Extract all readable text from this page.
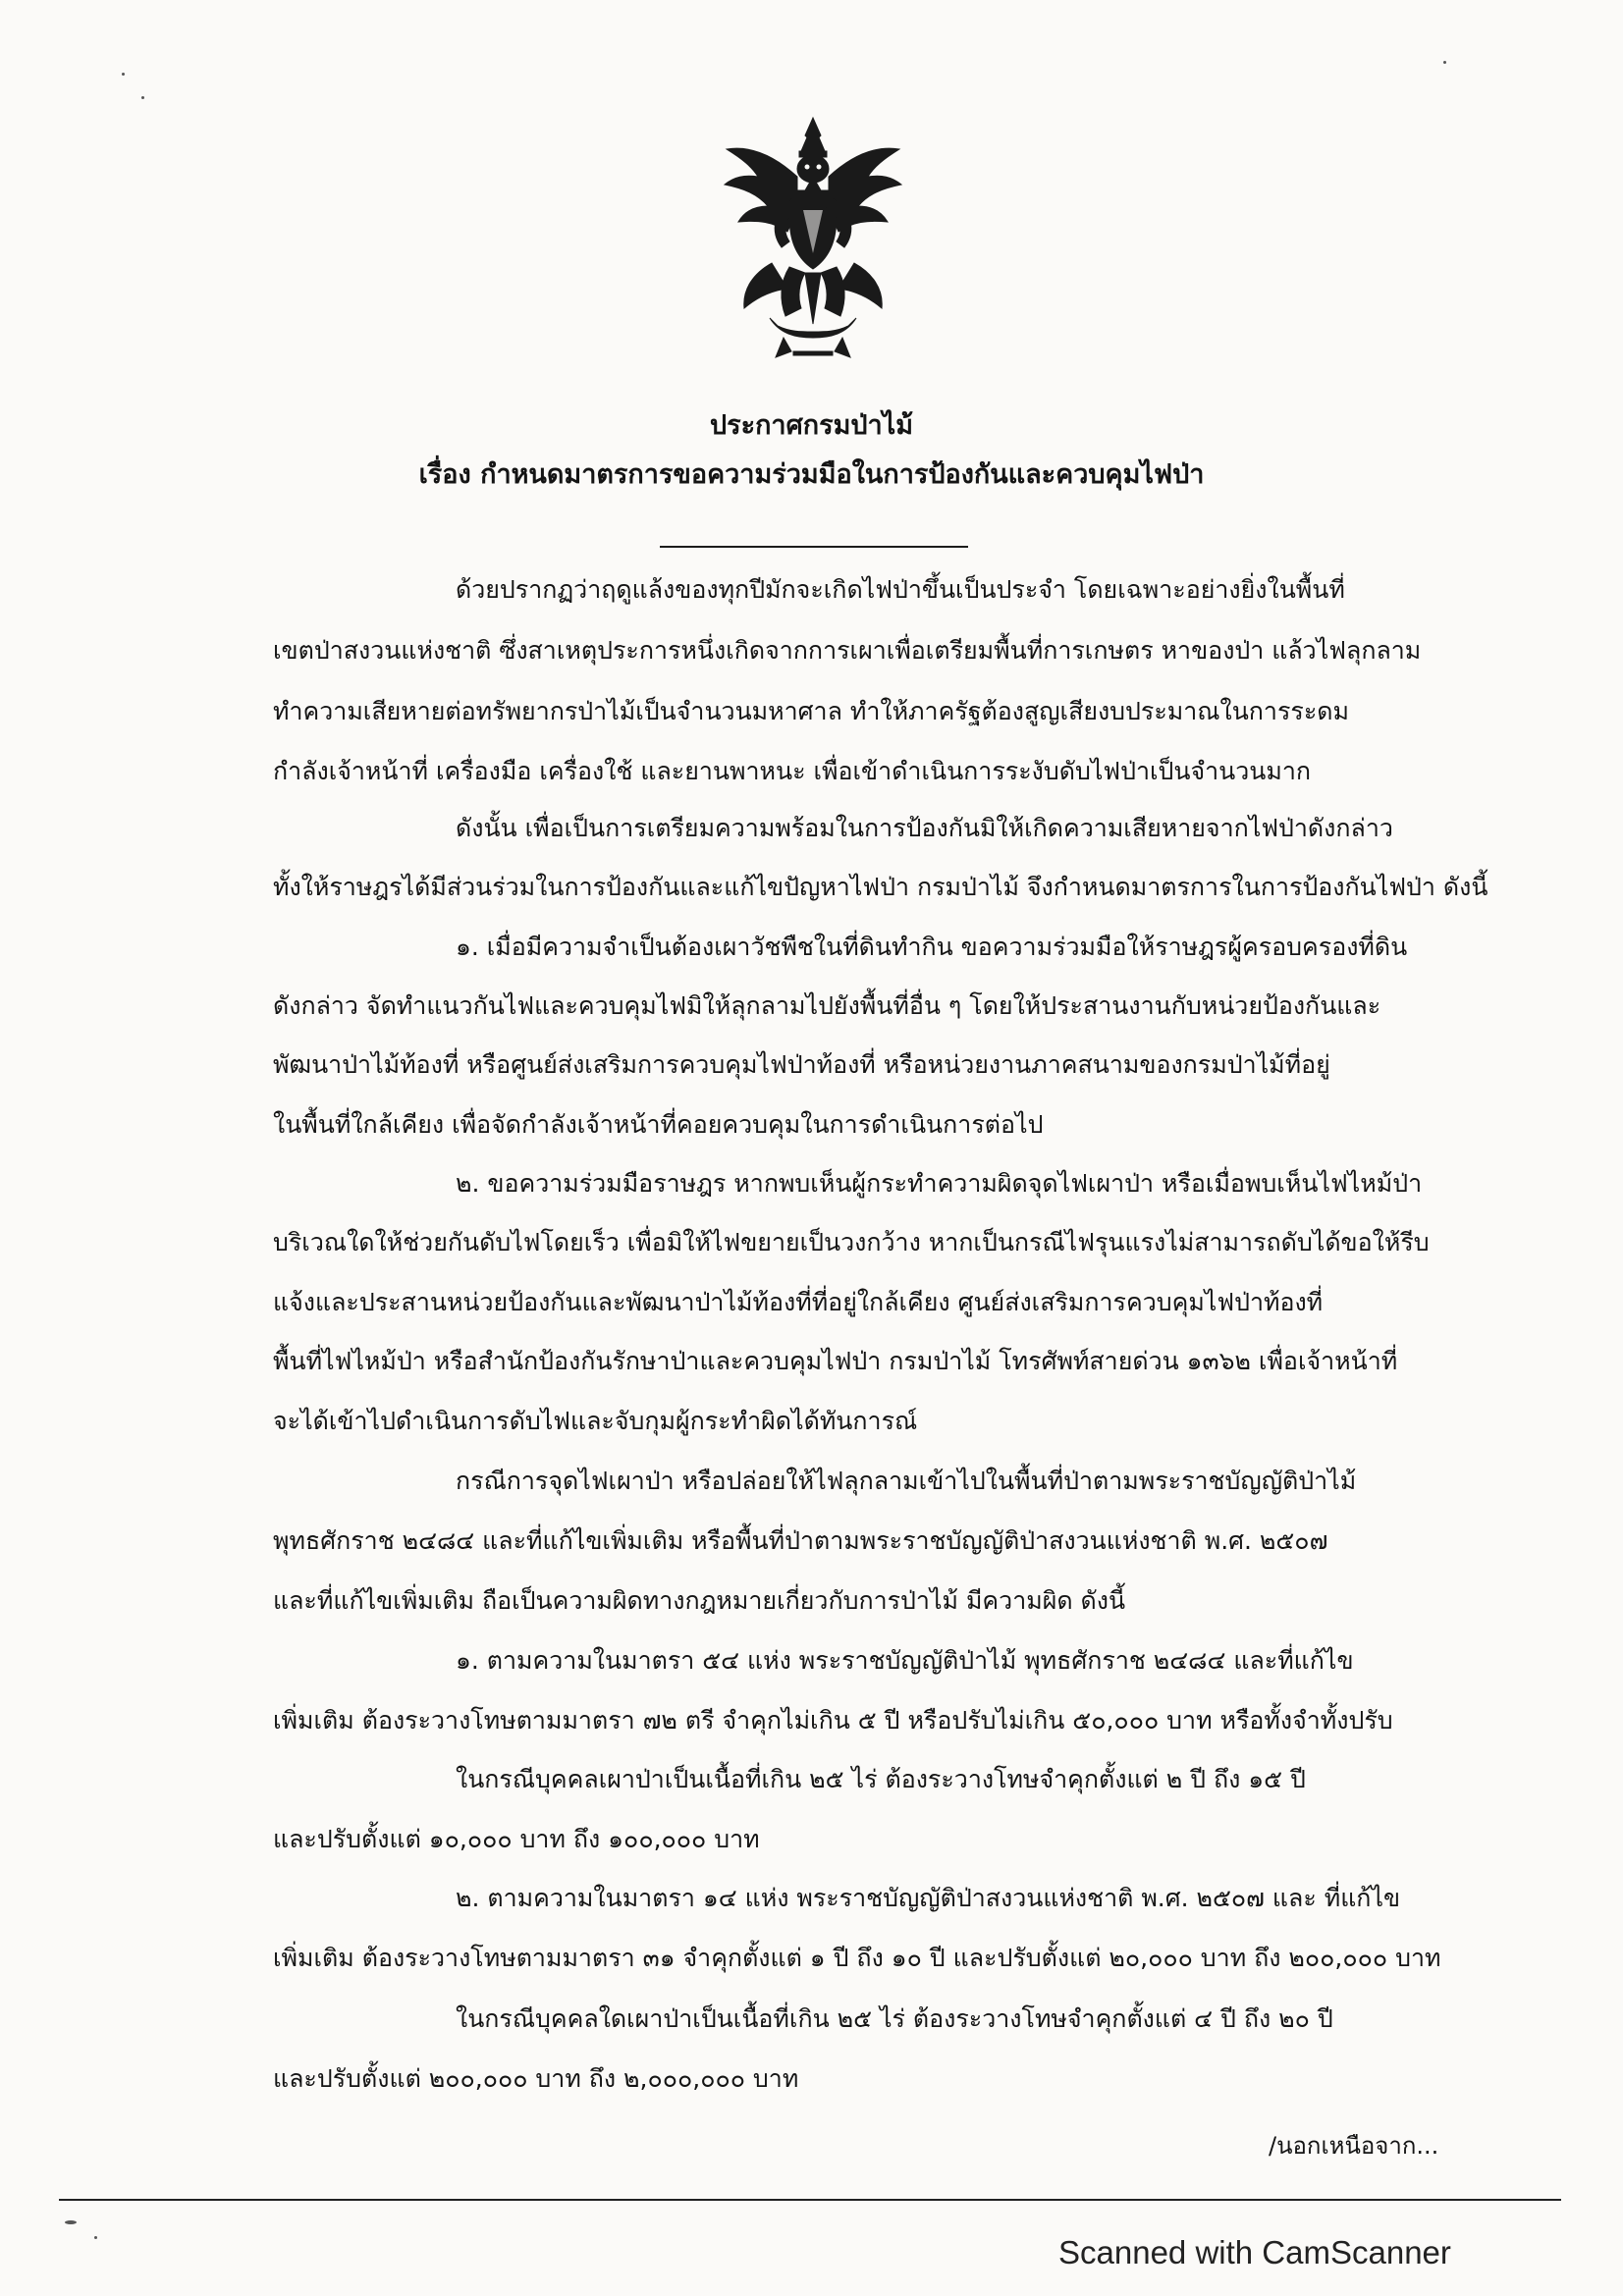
ประกาศกรมป่าไม้
เรื่อง กำหนดมาตรการขอความร่วมมือในการป้องกันและควบคุมไฟป่า
ด้วยปรากฏว่าฤดูแล้งของทุกปีมักจะเกิดไฟป่าขึ้นเป็นประจำ โดยเฉพาะอย่างยิ่งในพื้นที่
เขตป่าสงวนแห่งชาติ ซึ่งสาเหตุประการหนึ่งเกิดจากการเผาเพื่อเตรียมพื้นที่การเกษตร หาของป่า แล้วไฟลุกลาม
ทำความเสียหายต่อทรัพยากรป่าไม้เป็นจำนวนมหาศาล ทำให้ภาครัฐต้องสูญเสียงบประมาณในการระดม
กำลังเจ้าหน้าที่ เครื่องมือ เครื่องใช้ และยานพาหนะ เพื่อเข้าดำเนินการระงับดับไฟป่าเป็นจำนวนมาก
ดังนั้น เพื่อเป็นการเตรียมความพร้อมในการป้องกันมิให้เกิดความเสียหายจากไฟป่าดังกล่าว
ทั้งให้ราษฎรได้มีส่วนร่วมในการป้องกันและแก้ไขปัญหาไฟป่า กรมป่าไม้ จึงกำหนดมาตรการในการป้องกันไฟป่า ดังนี้
๑. เมื่อมีความจำเป็นต้องเผาวัชพืชในที่ดินทำกิน ขอความร่วมมือให้ราษฎรผู้ครอบครองที่ดิน
ดังกล่าว จัดทำแนวกันไฟและควบคุมไฟมิให้ลุกลามไปยังพื้นที่อื่น ๆ โดยให้ประสานงานกับหน่วยป้องกันและ
พัฒนาป่าไม้ท้องที่ หรือศูนย์ส่งเสริมการควบคุมไฟป่าท้องที่ หรือหน่วยงานภาคสนามของกรมป่าไม้ที่อยู่
ในพื้นที่ใกล้เคียง เพื่อจัดกำลังเจ้าหน้าที่คอยควบคุมในการดำเนินการต่อไป
๒. ขอความร่วมมือราษฎร หากพบเห็นผู้กระทำความผิดจุดไฟเผาป่า หรือเมื่อพบเห็นไฟไหม้ป่า
บริเวณใดให้ช่วยกันดับไฟโดยเร็ว เพื่อมิให้ไฟขยายเป็นวงกว้าง หากเป็นกรณีไฟรุนแรงไม่สามารถดับได้ขอให้รีบ
แจ้งและประสานหน่วยป้องกันและพัฒนาป่าไม้ท้องที่ที่อยู่ใกล้เคียง ศูนย์ส่งเสริมการควบคุมไฟป่าท้องที่
พื้นที่ไฟไหม้ป่า หรือสำนักป้องกันรักษาป่าและควบคุมไฟป่า กรมป่าไม้ โทรศัพท์สายด่วน ๑๓๖๒ เพื่อเจ้าหน้าที่
จะได้เข้าไปดำเนินการดับไฟและจับกุมผู้กระทำผิดได้ทันการณ์
กรณีการจุดไฟเผาป่า หรือปล่อยให้ไฟลุกลามเข้าไปในพื้นที่ป่าตามพระราชบัญญัติป่าไม้
พุทธศักราช ๒๔๘๔ และที่แก้ไขเพิ่มเติม หรือพื้นที่ป่าตามพระราชบัญญัติป่าสงวนแห่งชาติ พ.ศ. ๒๕๐๗
และที่แก้ไขเพิ่มเติม ถือเป็นความผิดทางกฎหมายเกี่ยวกับการป่าไม้ มีความผิด ดังนี้
๑. ตามความในมาตรา ๕๔ แห่ง พระราชบัญญัติป่าไม้ พุทธศักราช ๒๔๘๔ และที่แก้ไข
เพิ่มเติม ต้องระวางโทษตามมาตรา ๗๒ ตรี จำคุกไม่เกิน ๕ ปี หรือปรับไม่เกิน ๕๐,๐๐๐ บาท หรือทั้งจำทั้งปรับ
ในกรณีบุคคลเผาป่าเป็นเนื้อที่เกิน ๒๕ ไร่ ต้องระวางโทษจำคุกตั้งแต่ ๒ ปี ถึง ๑๕ ปี
และปรับตั้งแต่ ๑๐,๐๐๐ บาท ถึง ๑๐๐,๐๐๐ บาท
๒. ตามความในมาตรา ๑๔ แห่ง พระราชบัญญัติป่าสงวนแห่งชาติ พ.ศ. ๒๕๐๗ และ ที่แก้ไข
เพิ่มเติม ต้องระวางโทษตามมาตรา ๓๑ จำคุกตั้งแต่ ๑ ปี ถึง ๑๐ ปี และปรับตั้งแต่ ๒๐,๐๐๐ บาท ถึง ๒๐๐,๐๐๐ บาท
ในกรณีบุคคลใดเผาป่าเป็นเนื้อที่เกิน ๒๕ ไร่ ต้องระวางโทษจำคุกตั้งแต่ ๔ ปี ถึง ๒๐ ปี
และปรับตั้งแต่ ๒๐๐,๐๐๐ บาท ถึง ๒,๐๐๐,๐๐๐ บาท
/นอกเหนือจาก...
Scanned with CamScanner
